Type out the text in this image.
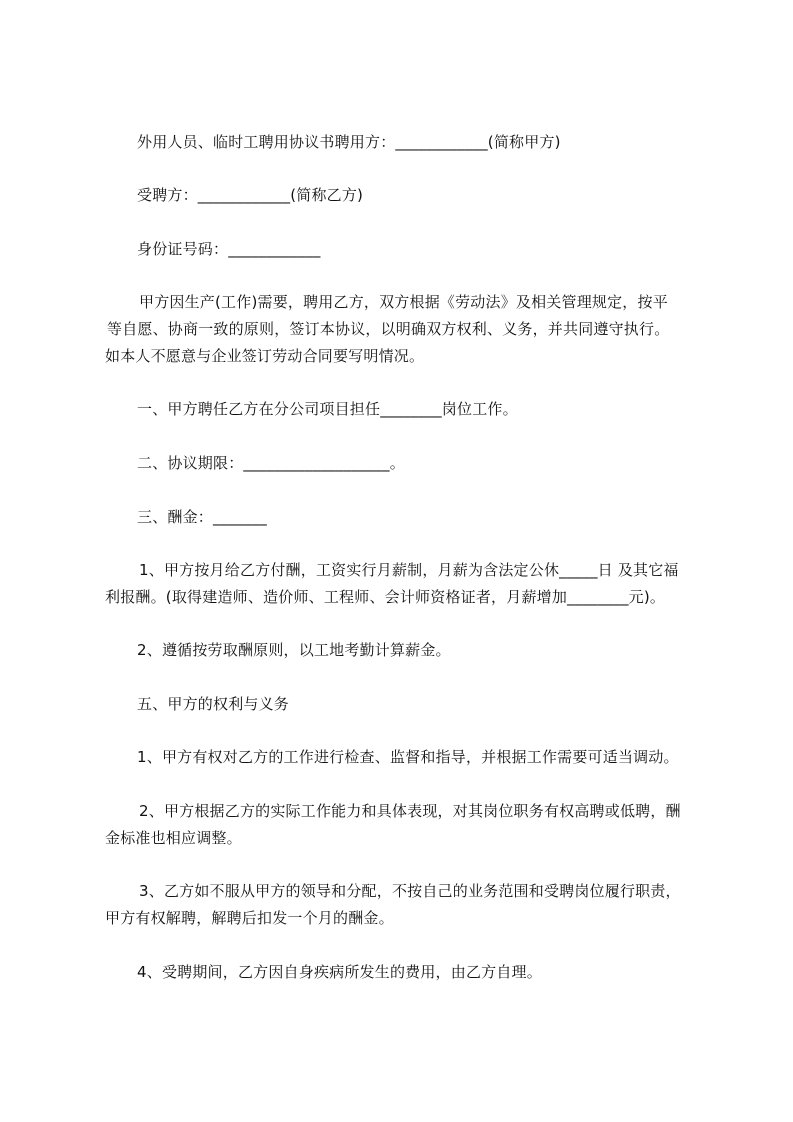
外用人员、临时工聘用协议书聘用方：____________(简称甲方)
受聘方：____________(简称乙方)
身份证号码：____________
甲方因生产(工作)需要，聘用乙方，双方根据《劳动法》及相关管理规定，按平
等自愿、协商一致的原则，签订本协议，以明确双方权利、义务，并共同遵守执行。
如本人不愿意与企业签订劳动合同要写明情况。
一、甲方聘任乙方在分公司项目担任________岗位工作。
二、协议期限：___________________。
三、酬金：_______
1、甲方按月给乙方付酬，工资实行月薪制，月薪为含法定公休_____日 及其它福
利报酬。(取得建造师、造价师、工程师、会计师资格证者，月薪增加________元)。
2、遵循按劳取酬原则，以工地考勤计算薪金。
五、甲方的权利与义务
1、甲方有权对乙方的工作进行检查、监督和指导，并根据工作需要可适当调动。
2、甲方根据乙方的实际工作能力和具体表现，对其岗位职务有权高聘或低聘，酬
金标准也相应调整。
3、乙方如不服从甲方的领导和分配，不按自己的业务范围和受聘岗位履行职责，
甲方有权解聘，解聘后扣发一个月的酬金。
4、受聘期间，乙方因自身疾病所发生的费用，由乙方自理。
